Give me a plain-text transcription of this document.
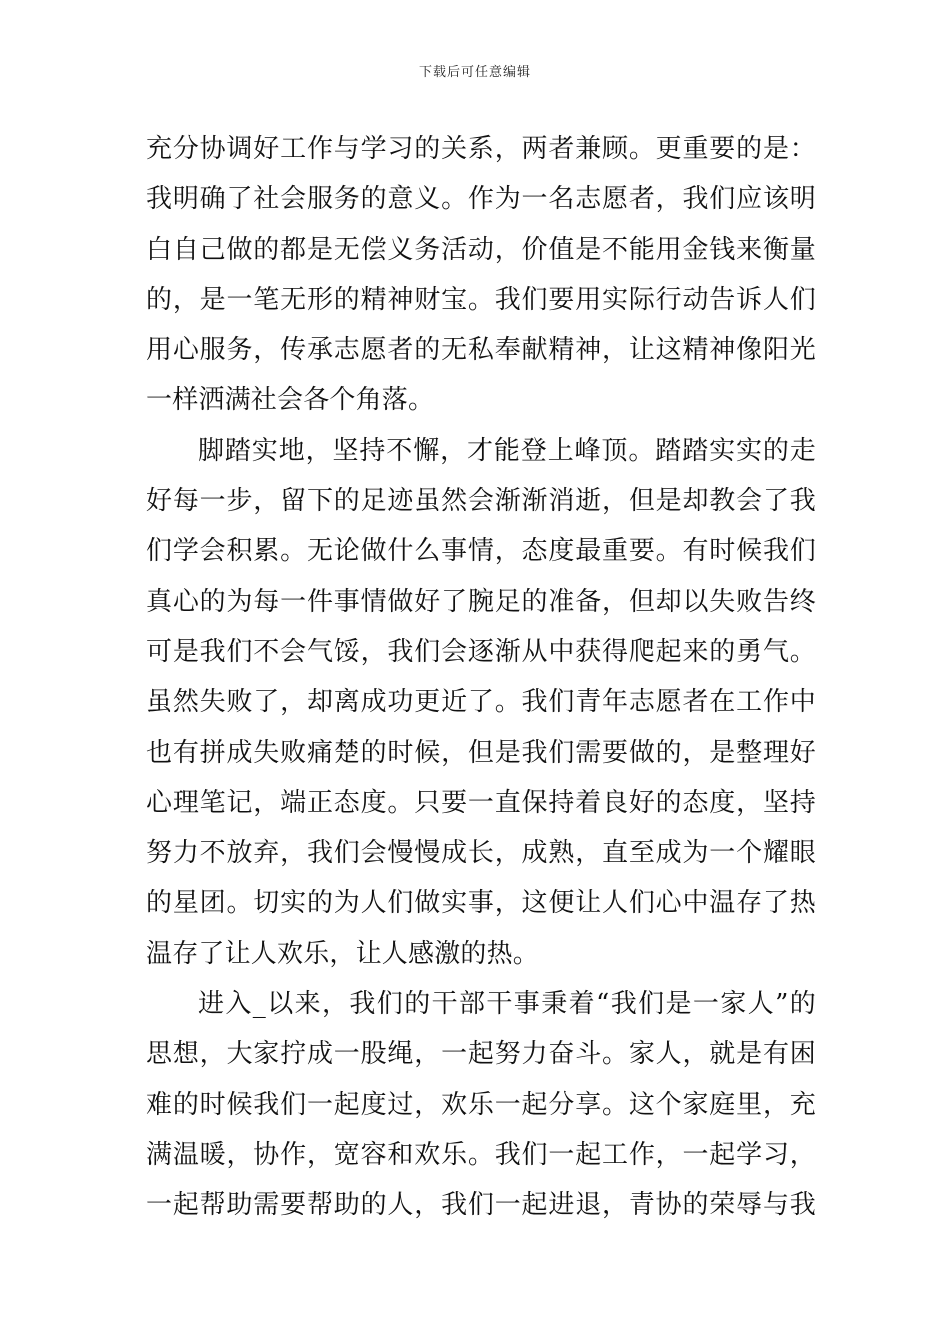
下载后可任意编辑
充分协调好工作与学习的关系，两者兼顾。更重要的是：
我明确了社会服务的意义。作为一名志愿者，我们应该明
白自己做的都是无偿义务活动，价值是不能用金钱来衡量
的，是一笔无形的精神财宝。我们要用实际行动告诉人们
用心服务，传承志愿者的无私奉献精神，让这精神像阳光
一样洒满社会各个角落。
脚踏实地，坚持不懈，才能登上峰顶。踏踏实实的走
好每一步，留下的足迹虽然会渐渐消逝，但是却教会了我
们学会积累。无论做什么事情，态度最重要。有时候我们
真心的为每一件事情做好了腕足的准备，但却以失败告终
可是我们不会气馁，我们会逐渐从中获得爬起来的勇气。
虽然失败了，却离成功更近了。我们青年志愿者在工作中
也有拼成失败痛楚的时候，但是我们需要做的，是整理好
心理笔记，端正态度。只要一直保持着良好的态度，坚持
努力不放弃，我们会慢慢成长，成熟，直至成为一个耀眼
的星团。切实的为人们做实事，这便让人们心中温存了热
温存了让人欢乐，让人感激的热。
进入_以来，我们的干部干事秉着“我们是一家人”的
思想，大家拧成一股绳，一起努力奋斗。家人，就是有困
难的时候我们一起度过，欢乐一起分享。这个家庭里，充
满温暖，协作，宽容和欢乐。我们一起工作，一起学习，
一起帮助需要帮助的人，我们一起进退，青协的荣辱与我
